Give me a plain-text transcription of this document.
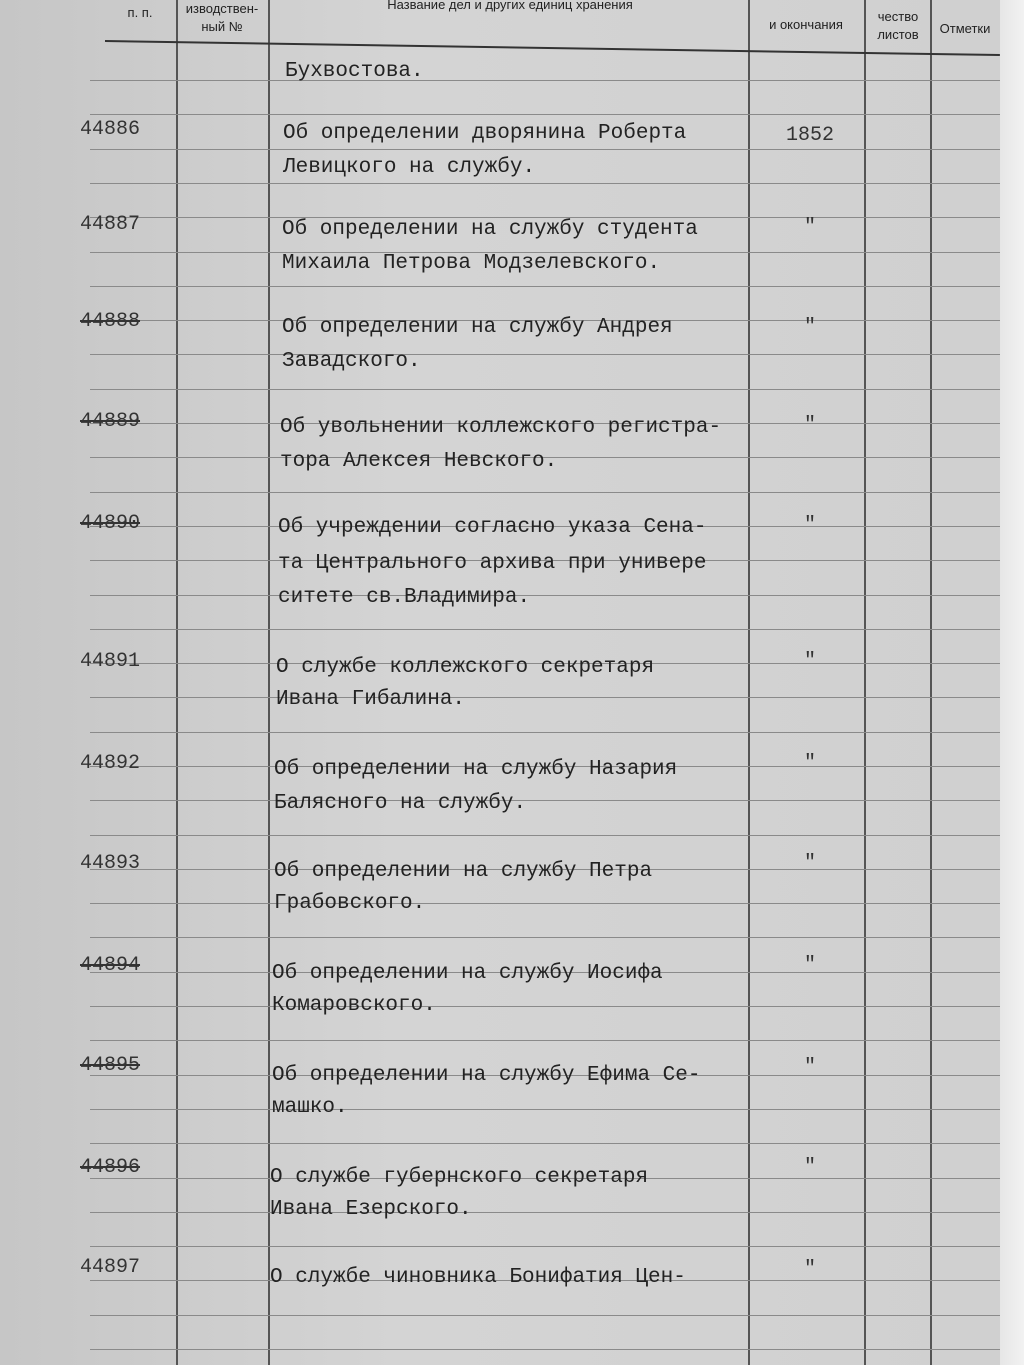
п. п.	изводствен-
ный №
Название дел и других единиц хранения
и окончания
чество
листов	Отметки
Бухвостова.
44886	Об определении дворянина Роберта
Левицкого на службу.
1852
44887	Об определении на службу студента
Михаила Петрова Модзелевского.
"
44888	Об определении на службу Андрея
Завадского.
"
44889	Об увольнении коллежского регистра-
тора Алексея Невского.
"
44890	Об учреждении согласно указа Сена-
та Центрального архива при универе
ситете св.Владимира.
"
44891	О службе коллежского секретаря
Ивана Гибалина.
"
44892	Об определении на службу Назария
Балясного на службу.
"
44893	Об определении на службу Петра
Грабовского.
"
44894	Об определении на службу Иосифа
Комаровского.
"
44895	Об определении на службу Ефима Се-
машко.
"
44896	О службе губернского секретаря
Ивана Езерского.
"
44897	О службе чиновника Бонифатия Цен-	"
